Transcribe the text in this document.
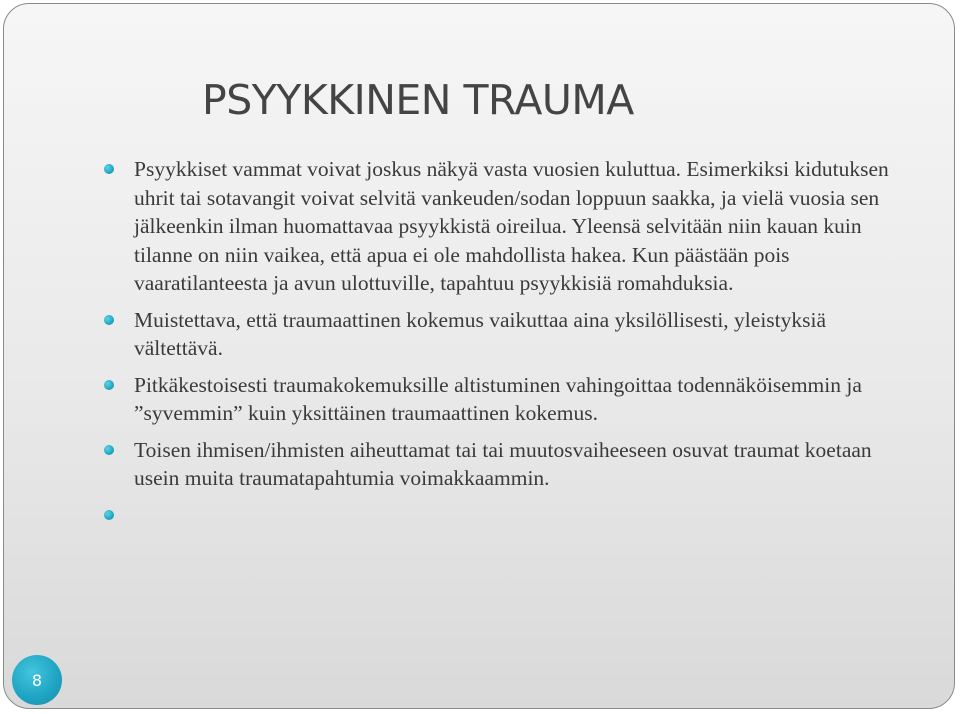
PSYYKKINEN TRAUMA
Psyykkiset vammat voivat joskus näkyä vasta vuosien kuluttua. Esimerkiksi kidutuksen uhrit tai sotavangit voivat selvitä vankeuden/sodan loppuun saakka, ja vielä vuosia sen jälkeenkin ilman huomattavaa psyykkistä oireilua. Yleensä selvitään niin kauan kuin tilanne on niin vaikea, että apua ei ole mahdollista hakea. Kun päästään pois vaaratilanteesta ja avun ulottuville, tapahtuu psyykkisiä romahduksia.
Muistettava, että traumaattinen kokemus vaikuttaa aina yksilöllisesti, yleistyksiä vältettävä.
Pitkäkestoisesti traumakokemuksille altistuminen vahingoittaa todennäköisemmin ja ”syvemmin” kuin yksittäinen traumaattinen kokemus.
Toisen ihmisen/ihmisten aiheuttamat tai tai muutosvaiheeseen osuvat traumat koetaan usein muita traumatapahtumia voimakkaammin.
8
